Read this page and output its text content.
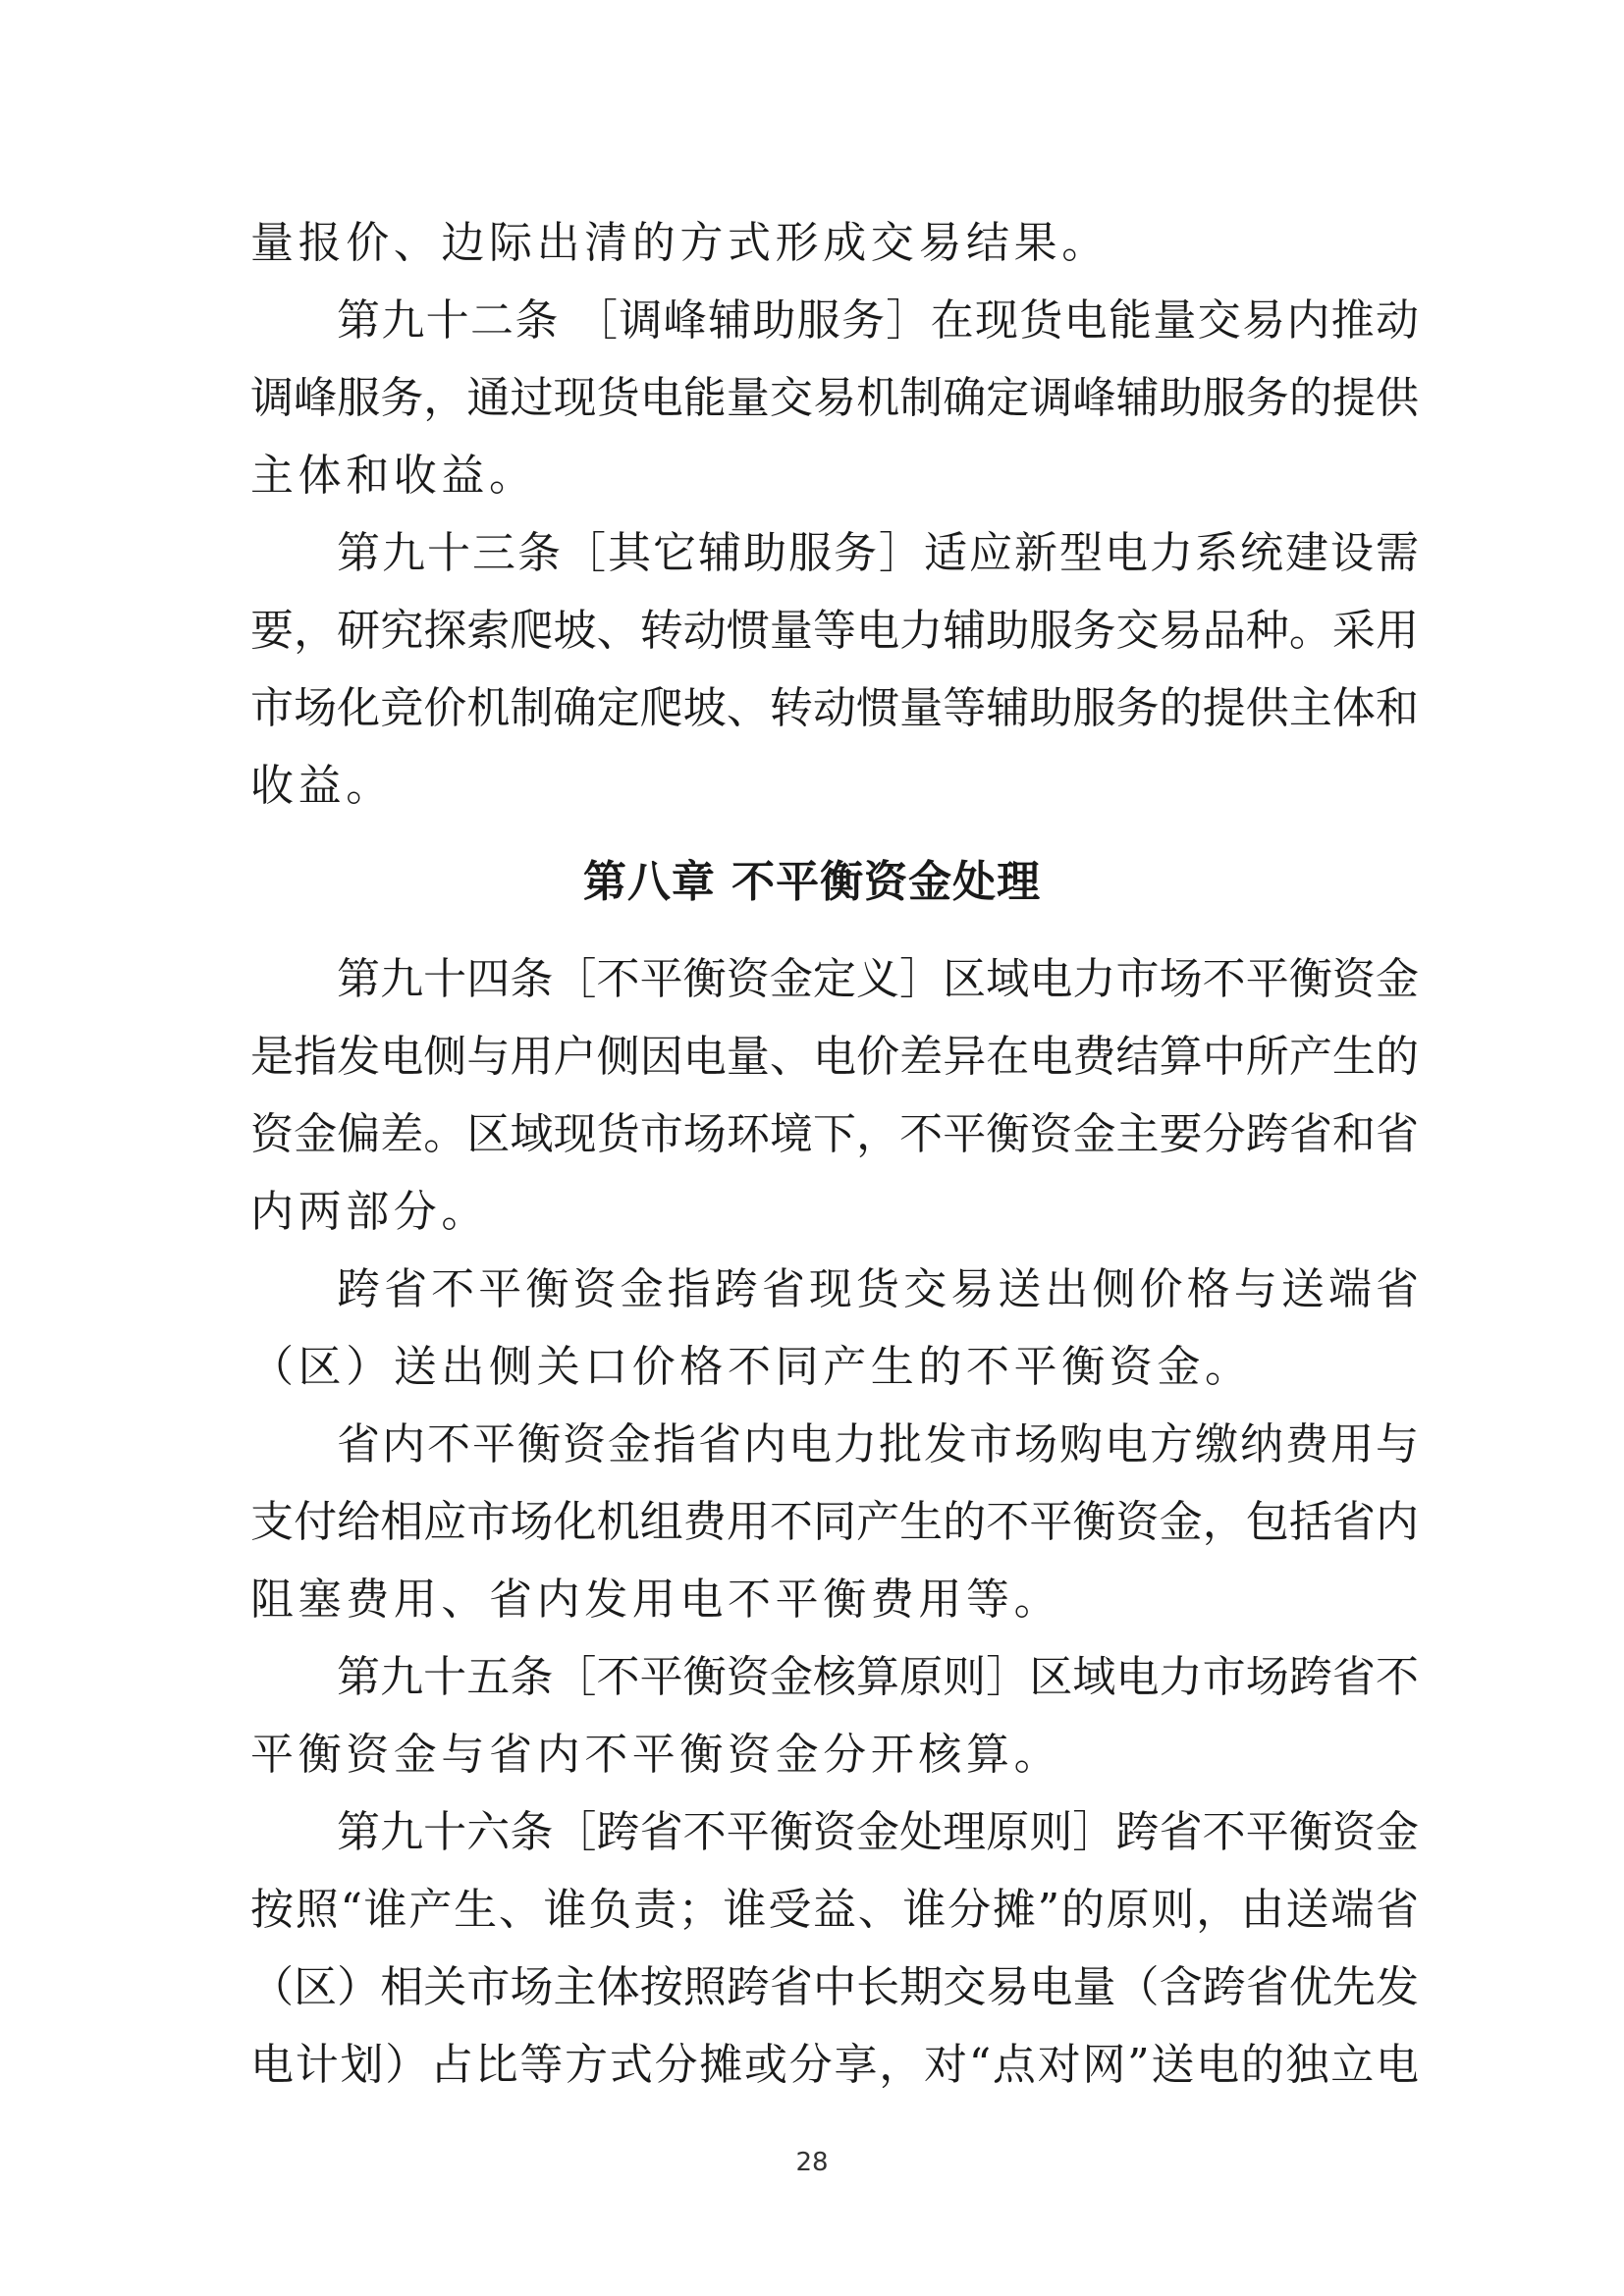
量报价、边际出清的方式形成交易结果。
第九十二条 ［调峰辅助服务］在现货电能量交易内推动
调峰服务，通过现货电能量交易机制确定调峰辅助服务的提供
主体和收益。
第九十三条［其它辅助服务］适应新型电力系统建设需
要，研究探索爬坡、转动惯量等电力辅助服务交易品种。采用
市场化竞价机制确定爬坡、转动惯量等辅助服务的提供主体和
收益。
第八章 不平衡资金处理
第九十四条［不平衡资金定义］区域电力市场不平衡资金
是指发电侧与用户侧因电量、电价差异在电费结算中所产生的
资金偏差。区域现货市场环境下，不平衡资金主要分跨省和省
内两部分。
跨省不平衡资金指跨省现货交易送出侧价格与送端省
（区）送出侧关口价格不同产生的不平衡资金。
省内不平衡资金指省内电力批发市场购电方缴纳费用与
支付给相应市场化机组费用不同产生的不平衡资金，包括省内
阻塞费用、省内发用电不平衡费用等。
第九十五条［不平衡资金核算原则］区域电力市场跨省不
平衡资金与省内不平衡资金分开核算。
第九十六条［跨省不平衡资金处理原则］跨省不平衡资金
按照“谁产生、谁负责；谁受益、谁分摊”的原则，由送端省
（区）相关市场主体按照跨省中长期交易电量（含跨省优先发
电计划）占比等方式分摊或分享，对“点对网”送电的独立电
28
